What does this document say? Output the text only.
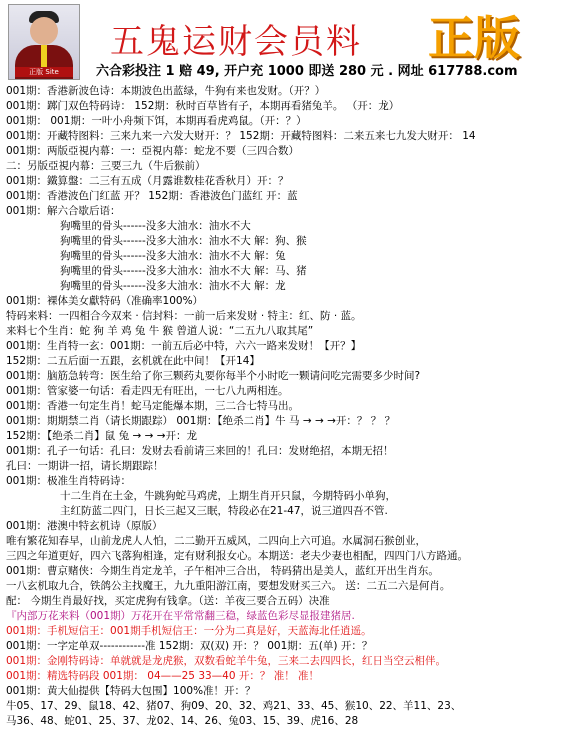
正版 Site
五鬼运财会员料 正版
六合彩投注 1 赔 49, 开户充 1000 即送 280 元 . 网址 617788.com
001期：香港新波色诗：本期波色出蓝绿，牛狗有来也发财。（开？）
001期：踯门双色特码诗： 152期：秋时百草皆有子，本期再看猪兔羊。 （开：龙）
001期： 001期：一叶小舟频下饵，本期再看虎鸡鼠。（开：？）
001期：开藏特图料：三来九来一六发大财开：？ 152期：开藏特图料：二来五来七九发大财开： 14
001期：两版亞視内幕：一：亞視内幕：蛇龙不要（三四合数）
二：另版亞視内幕：三要三九（牛后猴前）
001期：鐵算盤：二三有五成（月露谁数桂花香秋月）开：？
001期：香港波色门红蓝 开？ 152期：香港波色门蓝红 开：蓝
001期：解六合歇后语：
狗嘴里的骨头------没多大油水：油水不大
狗嘴里的骨头------没多大油水：油水不大 解：狗、猴
狗嘴里的骨头------没多大油水：油水不大 解：兔
狗嘴里的骨头------没多大油水：油水不大 解：马、猪
狗嘴里的骨头------没多大油水：油水不大 解：龙
001期：裸体美女獻特码（准确率100%）
特码来料：一四相合今双来 · 信封料：一前一后来发财 · 特主：红、防 · 蓝。
来料七个生肖：蛇 狗 羊 鸡 兔 牛 猴 曾道人说：“二五九八取其尾”
001期：生肖特一玄：001期：一前五后必中特，六六一路来发财！【开？】
152期：二五后面一五跟，玄机就在此中间！【开14】
001期：脑筋急转弯：医生给了你三颗药丸要你每半个小时吃一颗请问吃完需要多少时间?
001期：管家婆一句话：看走四无有旺出，一七八九两相连。
001期：香港一句定生肖！蛇马定能爆本期，三二合七特马出。
001期：期期禁二肖（请长期跟踪） 001期：【绝杀二肖】牛 马 → → →开：？ ？ ？
152期：【绝杀二肖】鼠 兔 → → →开：龙
001期：孔子一句话：孔曰：发财去看前请三来回的！孔曰：发财绝招，本期无招！
孔曰：一期讲一招，请长期跟踪！
001期：极准生肖特码诗：
十二生肖在土金，牛跳狗蛇马鸡虎，上期生肖开只鼠，今期特码小单狗，
主红防蓝二四门，日长三起又三眠，特段必在21-47，说三道四吾不管.
001期：港澳中特玄机诗（原版）
唯有繁花知春早，山前龙虎人人怕，二二勤开五威风，二四向上六可追。水属洞石猴创业，
三四之年道更好，四六飞落狗相逢，定有财利报女心。本期送：老夫少妻也相配，四四门八方路通。
001期：曹京赌侠：今期生肖定龙羊，子午相冲三合出， 特码猜出是美人，蓝红开出生肖东。
一八玄机取九合，铁鸽公主找魔王，九九重阳游江南，要想发财买三六。 送：二五二六是何肖。
配： 今期生肖最好找，买定虎狗有钱拿。（送：羊夜三要合五码）决准
『内部万花来料（001期）万花开在平常常翻三稳，绿蓝色彩尽显报建猪居.
001期：手机短信王：001期手机短信王：一分为二真是好，天蓝海北任逍遥。
001期：一字定单双------------准 152期：双(双) 开：？ 001期：五(单) 开：？
001期：金刚特码诗：单就就是龙虎猴，双数看蛇羊牛兔，三来二去四四长，红日当空云相伴。
001期：精选特码段 001期： 04——25 33—40 开：？ 准！ 准！
001期：黄大仙提供【特码大包围】100%准！开：？
牛05、17、29、鼠18、42、猪07、狗09、20、32、鸡21、33、45、猴10、22、羊11、23、
马36、48、蛇01、25、37、龙02、14、26、兔03、15、39、虎16、28
